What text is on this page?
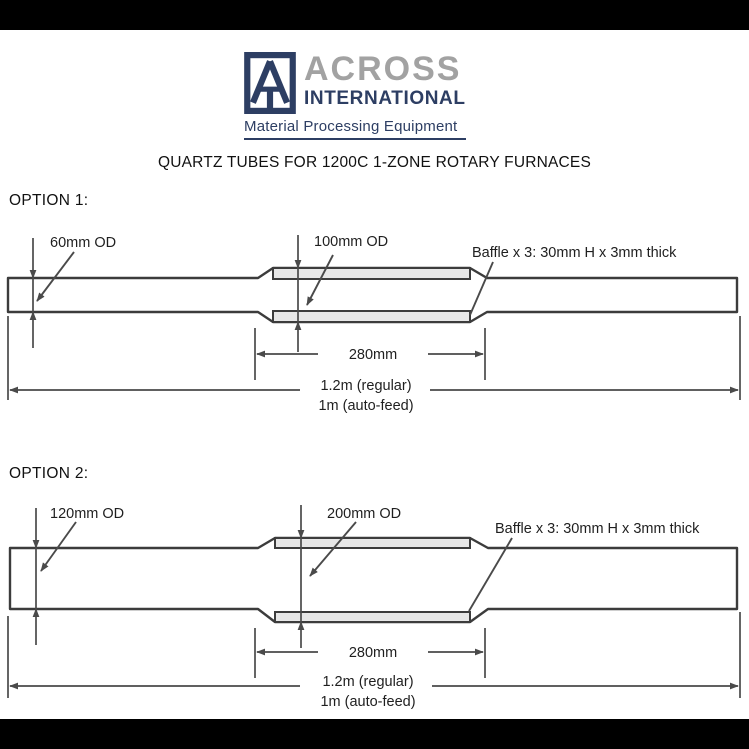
ACROSS
INTERNATIONAL
Material Processing Equipment
QUARTZ TUBES FOR 1200C 1-ZONE ROTARY FURNACES
OPTION 1:
OPTION 2:
60mm OD	100mm OD
Baffle x 3: 30mm H x 3mm thick
280mm
1.2m (regular)
1m (auto-feed)
120mm OD	200mm OD
Baffle x 3: 30mm H x 3mm thick
280mm
1.2m (regular)
1m (auto-feed)
